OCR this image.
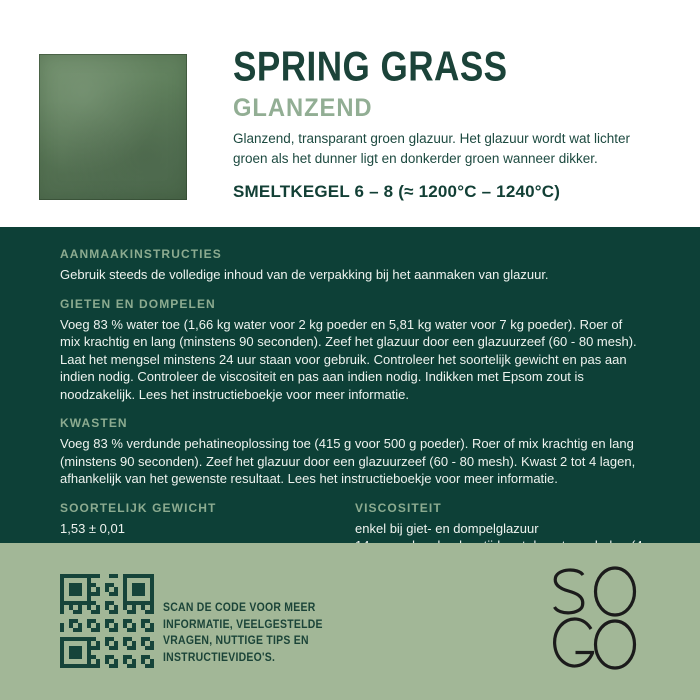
SPRING GRASS
GLANZEND

Glanzend, transparant groen glazuur. Het glazuur wordt wat lichter groen als het dunner ligt en donkerder groen wanneer dikker.

SMELTKEGEL 6 – 8 (≈ 1200°C – 1240°C)

AANMAAKINSTRUCTIES

Gebruik steeds de volledige inhoud van de verpakking bij het aanmaken van glazuur.

GIETEN EN DOMPELEN

Voeg 83 % water toe (1,66 kg water voor 2 kg poeder en 5,81 kg water voor 7 kg poeder). Roer of mix krachtig en lang (minstens 90 seconden). Zeef het glazuur door een glazuurzeef (60 - 80 mesh). Laat het mengsel minstens 24 uur staan voor gebruik. Controleer het soortelijk gewicht en pas aan indien nodig. Controleer de viscositeit en pas aan indien nodig. Indikken met Epsom zout is noodzakelijk. Lees het instructieboekje voor meer informatie.

KWASTEN

Voeg 83 % verdunde pehatineoplossing toe (415 g voor 500 g poeder). Roer of mix krachtig en lang (minstens 90 seconden). Zeef het glazuur door een glazuurzeef (60 - 80 mesh). Kwast 2 tot 4 lagen, afhankelijk van het gewenste resultaat. Lees het instructieboekje voor meer informatie.

SOORTELIJK GEWICHT

1,53 ± 0,01

VISCOSITEIT

enkel bij giet- en dompelglazuur

SCAN DE CODE VOOR MEER
INFORMATIE, VEELGESTELDE
VRAGEN, NUTTIGE TIPS EN
INSTRUCTIEVIDEO'S.
